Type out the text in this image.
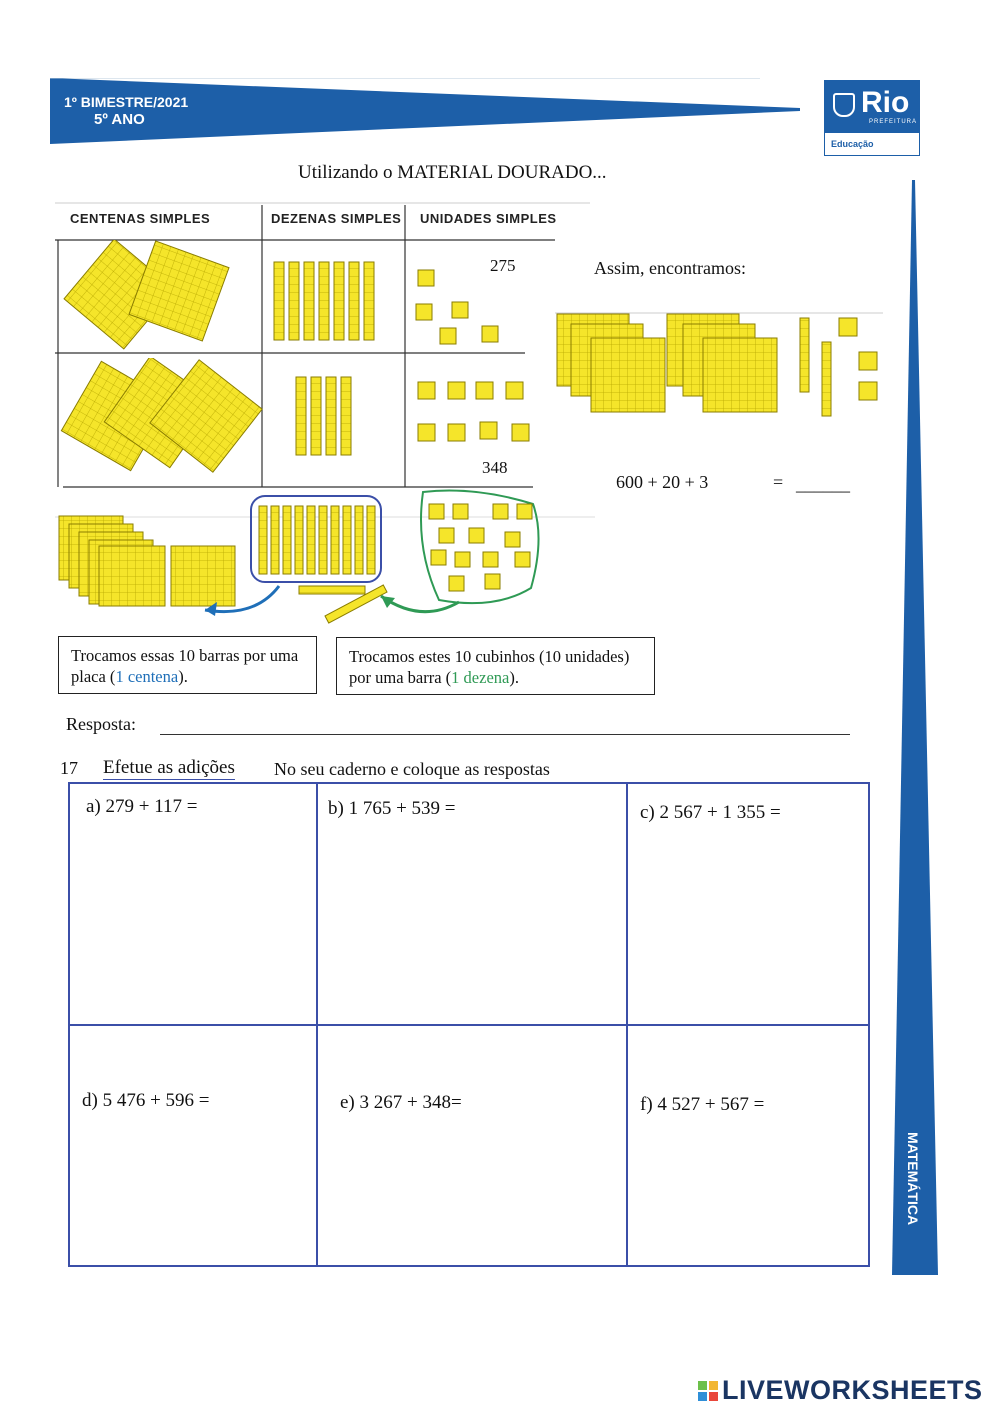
1º BIMESTRE/2021
5º ANO
Rio
PREFEITURA
Educação
MATEMÁTICA
Utilizando o MATERIAL DOURADO...
CENTENAS SIMPLES	DEZENAS SIMPLES UNIDADES SIMPLES
275
348
Assim, encontramos:
600 + 20 + 3	= ______
Trocamos essas 10 barras por uma placa (1 centena).
Trocamos estes 10 cubinhos (10 unidades) por uma barra (1 dezena).
Resposta:
17 Efetue as adições No seu caderno e coloque as respostas
a) 279 + 117 =	b) 1 765 + 539 =	c) 2 567 + 1 355 =
d) 5 476 + 596 =	e) 3 267 + 348=	f) 4 527 + 567 =
LIVEWORKSHEETS
